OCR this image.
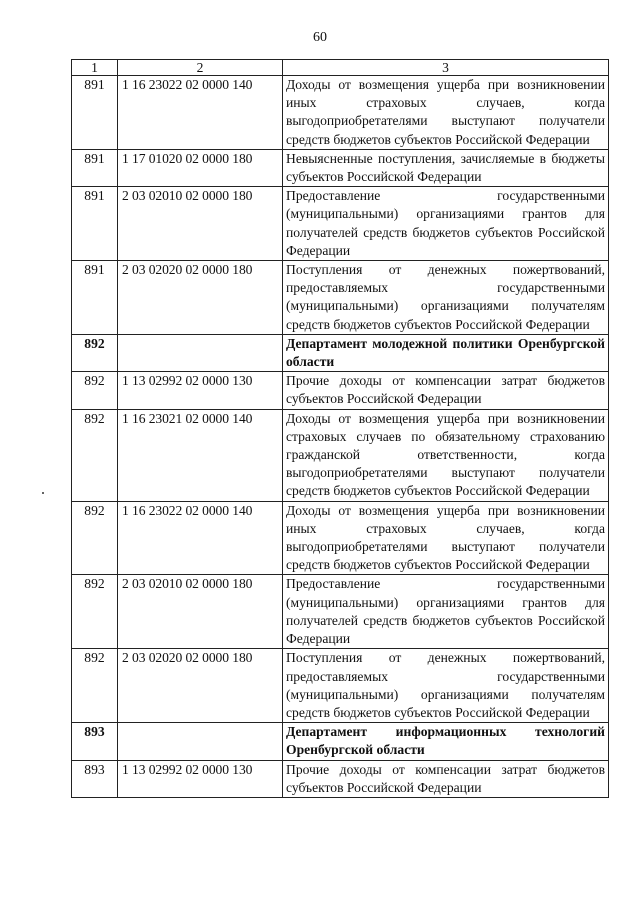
60
1	2	3
891	1 16 23022 02 0000 140	Доходы от возмещения ущерба при возникновении иных страховых случаев, когда выгодоприобретателями выступают получатели средств бюджетов субъектов Российской Федерации
891	1 17 01020 02 0000 180	Невыясненные поступления, зачисляемые в бюджеты субъектов Российской Федерации
891	2 03 02010 02 0000 180	Предоставление государственными (муниципальными) организациями грантов для получателей средств бюджетов субъектов Российской Федерации
891	2 03 02020 02 0000 180	Поступления от денежных пожертвований, предоставляемых государственными (муниципальными) организациями получателям средств бюджетов субъектов Российской Федерации
892		Департамент молодежной политики Оренбургской области
892	1 13 02992 02 0000 130	Прочие доходы от компенсации затрат бюджетов субъектов Российской Федерации
892	1 16 23021 02 0000 140	Доходы от возмещения ущерба при возникновении страховых случаев по обязательному страхованию гражданской ответственности, когда выгодоприобретателями выступают получатели средств бюджетов субъектов Российской Федерации
892	1 16 23022 02 0000 140	Доходы от возмещения ущерба при возникновении иных страховых случаев, когда выгодоприобретателями выступают получатели средств бюджетов субъектов Российской Федерации
892	2 03 02010 02 0000 180	Предоставление государственными (муниципальными) организациями грантов для получателей средств бюджетов субъектов Российской Федерации
892	2 03 02020 02 0000 180	Поступления от денежных пожертвований, предоставляемых государственными (муниципальными) организациями получателям средств бюджетов субъектов Российской Федерации
893		Департамент информационных технологий Оренбургской области
893	1 13 02992 02 0000 130	Прочие доходы от компенсации затрат бюджетов субъектов Российской Федерации
